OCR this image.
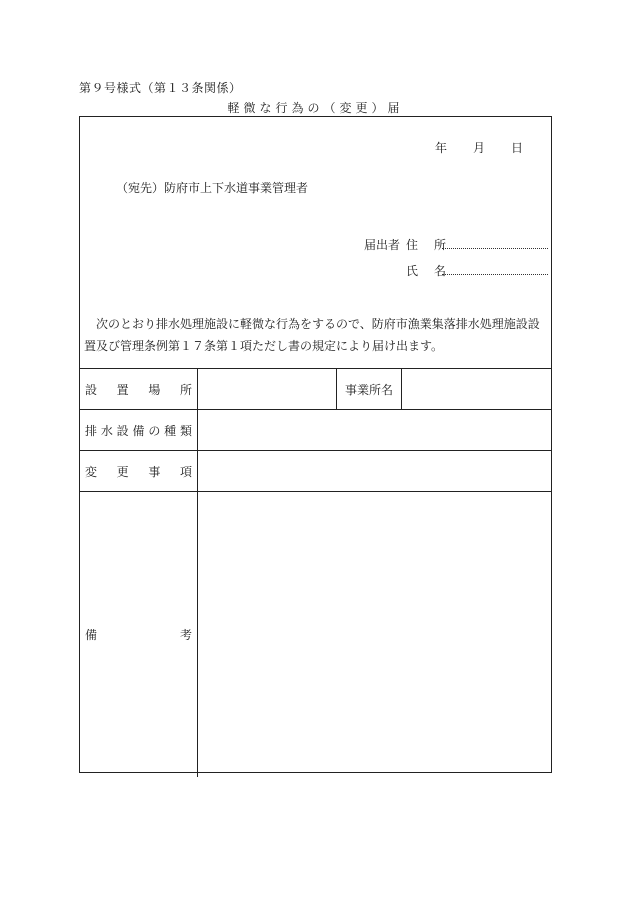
第９号様式（第１３条関係）
軽微な行為の（変更）届
年 月 日
（宛先）防府市上下水道事業管理者
届出者 住　所
氏　名

次のとおり排水処理施設に軽微な行為をするので、防府市漁業集落排水処理施設設置及び管理条例第１７条第１項ただし書の規定により届け出ます。

設 置 場 所	事業所名
排 水 設 備 の 種 類
変 更 事 項
備	考
